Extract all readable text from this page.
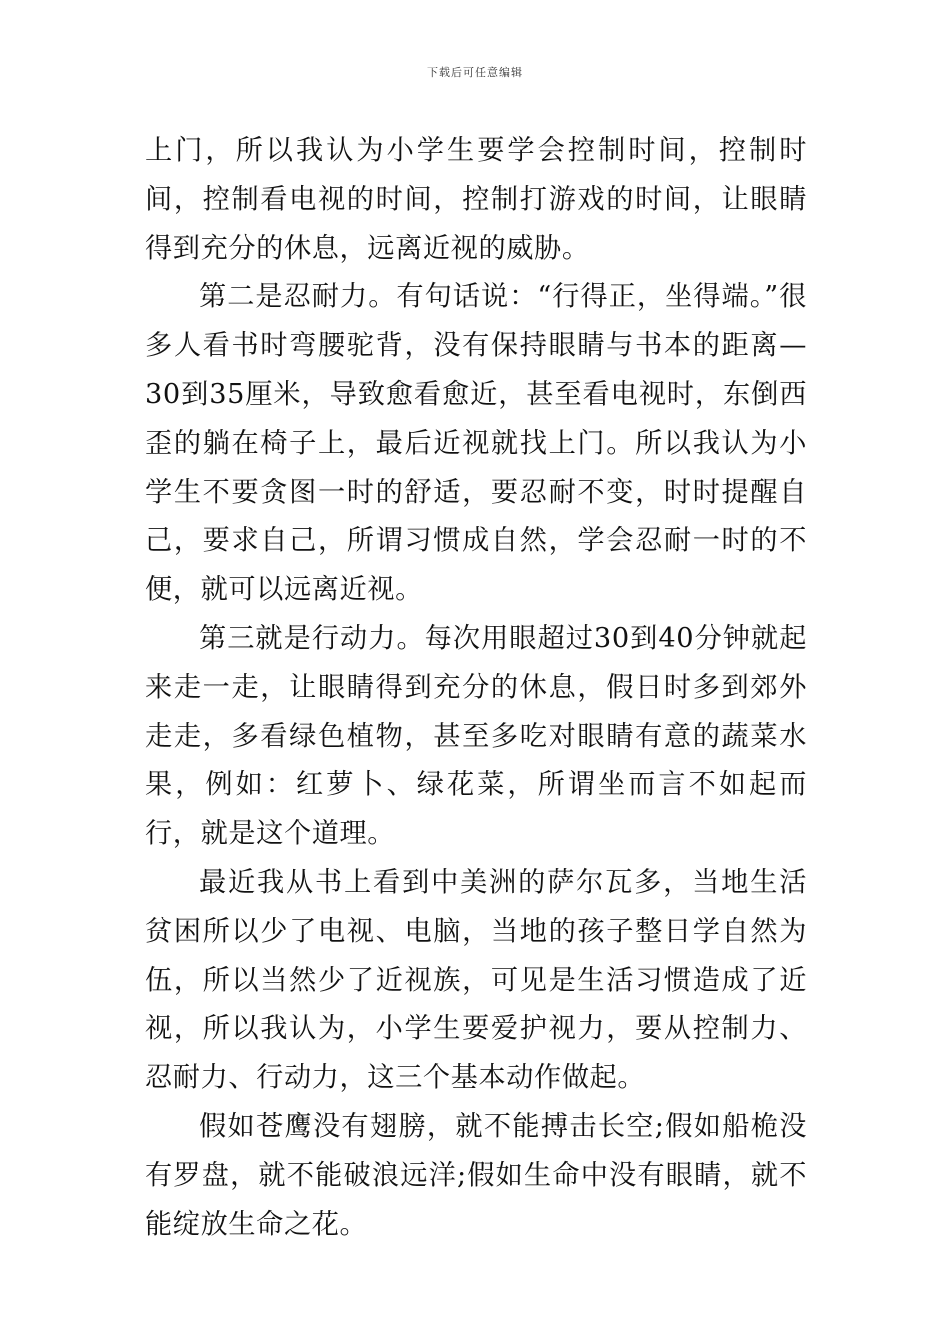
下载后可任意编辑

上门，所以我认为小学生要学会控制时间，控制时间，控制看电视的时间，控制打游戏的时间，让眼睛得到充分的休息，远离近视的威胁。

第二是忍耐力。有句话说：“行得正，坐得端。”很多人看书时弯腰驼背，没有保持眼睛与书本的距离—30到35厘米，导致愈看愈近，甚至看电视时，东倒西歪的躺在椅子上，最后近视就找上门。所以我认为小学生不要贪图一时的舒适，要忍耐不变，时时提醒自己，要求自己，所谓习惯成自然，学会忍耐一时的不便，就可以远离近视。

第三就是行动力。每次用眼超过30到40分钟就起来走一走，让眼睛得到充分的休息，假日时多到郊外走走，多看绿色植物，甚至多吃对眼睛有意的蔬菜水果，例如：红萝卜、绿花菜，所谓坐而言不如起而行，就是这个道理。

最近我从书上看到中美洲的萨尔瓦多，当地生活贫困所以少了电视、电脑，当地的孩子整日学自然为伍，所以当然少了近视族，可见是生活习惯造成了近视，所以我认为，小学生要爱护视力，要从控制力、忍耐力、行动力，这三个基本动作做起。

假如苍鹰没有翅膀，就不能搏击长空;假如船桅没有罗盘，就不能破浪远洋;假如生命中没有眼睛，就不能绽放生命之花。
